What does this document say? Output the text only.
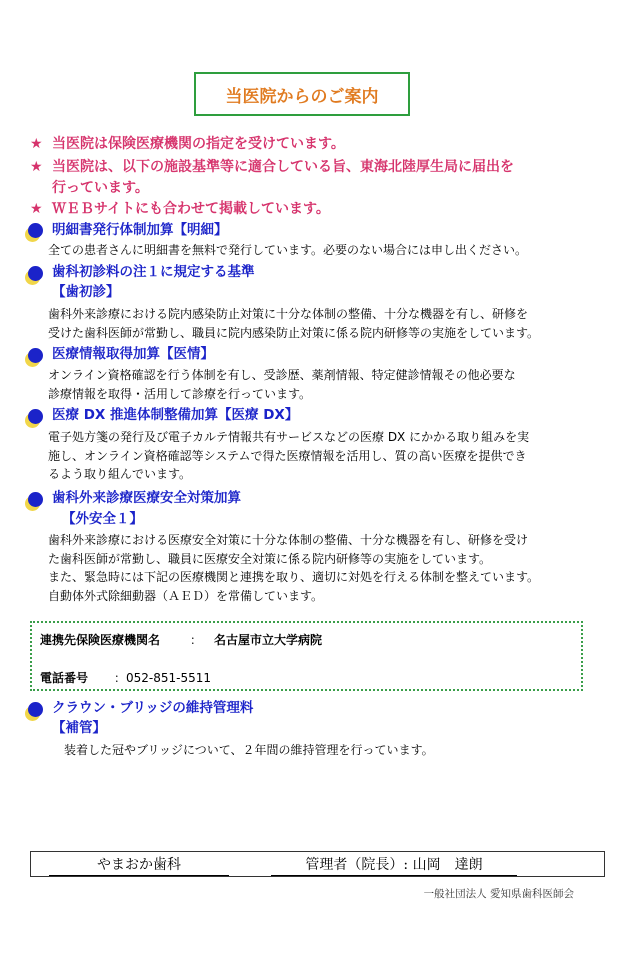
当医院からのご案内
★ 当医院は保険医療機関の指定を受けています。
★ 当医院は、以下の施設基準等に適合している旨、東海北陸厚生局に届出を
行っています。
★ ＷＥＢサイトにも合わせて掲載しています。
明細書発行体制加算【明細】

全ての患者さんに明細書を無料で発行しています。必要のない場合には申し出ください。

歯科初診料の注１に規定する基準
【歯初診】

歯科外来診療における院内感染防止対策に十分な体制の整備、十分な機器を有し、研修を

受けた歯科医師が常勤し、職員に院内感染防止対策に係る院内研修等の実施をしています。

医療情報取得加算【医情】

オンライン資格確認を行う体制を有し、受診歴、薬剤情報、特定健診情報その他必要な

診療情報を取得・活用して診療を行っています。

医療 DX 推進体制整備加算【医療 DX】

電子処方箋の発行及び電子カルテ情報共有サービスなどの医療 DX にかかる取り組みを実

施し、オンライン資格確認等システムで得た医療情報を活用し、質の高い医療を提供でき

るよう取り組んでいます。

歯科外来診療医療安全対策加算
【外安全１】

歯科外来診療における医療安全対策に十分な体制の整備、十分な機器を有し、研修を受け

た歯科医師が常勤し、職員に医療安全対策に係る院内研修等の実施をしています。

また、緊急時には下記の医療機関と連携を取り、適切に対処を行える体制を整えています。

自動体外式除細動器（ＡＥＤ）を常備しています。

連携先保険医療機関名 ： 名古屋市立大学病院
電話番号 ：052-851-5511
クラウン・ブリッジの維持管理料
【補管】

装着した冠やブリッジについて、２年間の維持管理を行っています。

やまおか歯科	管理者（院長）: 山岡　達朗
一般社団法人 愛知県歯科医師会
